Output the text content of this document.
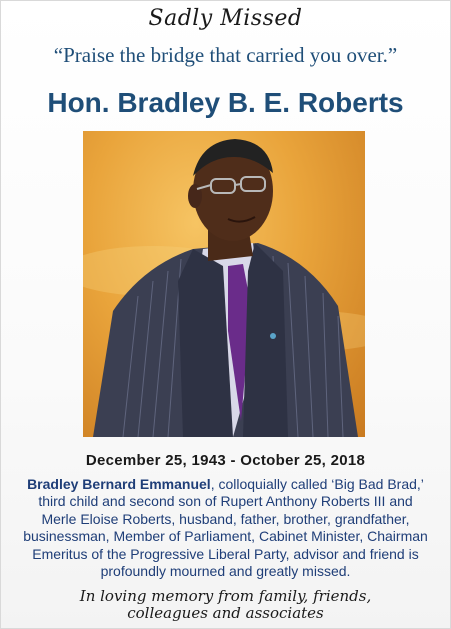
Sadly Missed
“Praise the bridge that carried you over.”
Hon. Bradley B. E. Roberts
December 25, 1943 - October 25, 2018
Bradley Bernard Emmanuel, colloquially called ‘Big Bad Brad,’ third child and second son of Rupert Anthony Roberts III and Merle Eloise Roberts, husband, father, brother, grandfather, businessman, Member of Parliament, Cabinet Minister, Chairman Emeritus of the Progressive Liberal Party, advisor and friend is profoundly mourned and greatly missed.
In loving memory from family, friends, colleagues and associates
